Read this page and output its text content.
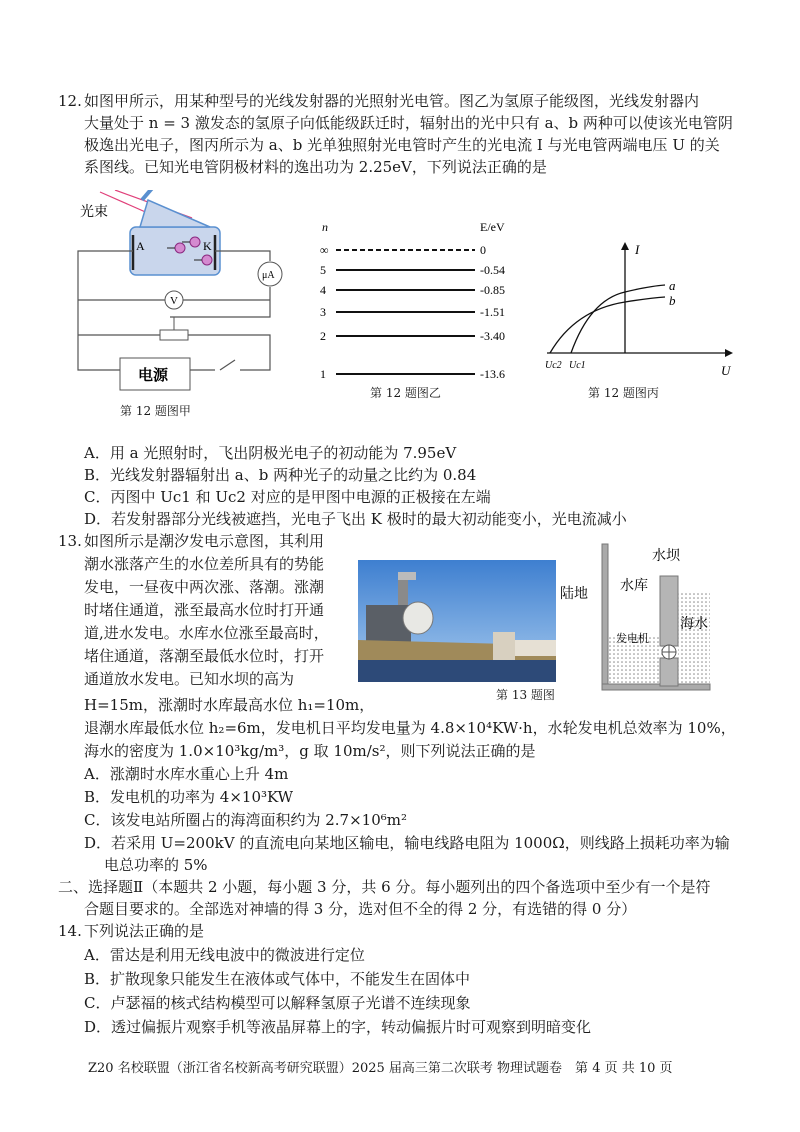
12. 如图甲所示，用某种型号的光线发射器的光照射光电管。图乙为氢原子能级图，光线发射器内
大量处于 n = 3 激发态的氢原子向低能级跃迁时，辐射出的光中只有 a、b 两种可以使该光电管阴
极逸出光电子，图丙所示为 a、b 光单独照射光电管时产生的光电流 I 与光电管两端电压 U 的关
系图线。已知光电管阴极材料的逸出功为 2.25eV，下列说法正确的是
光束
A	K
μA
V
电源
第 12 题图甲
n	E/eV
∞	0
5	-0.54
4	-0.85
3	-1.51
2	-3.40
1	-13.6
第 12 题图乙
I
U
a
b
Uc2 Uc1
第 12 题图丙
A．用 a 光照射时，飞出阴极光电子的初动能为 7.95eV
B．光线发射器辐射出 a、b 两种光子的动量之比约为 0.84
C．丙图中 Uc1 和 Uc2 对应的是甲图中电源的正极接在左端
D．若发射器部分光线被遮挡，光电子飞出 K 极时的最大初动能变小，光电流减小
13. 如图所示是潮汐发电示意图，其利用
潮水涨落产生的水位差所具有的势能
发电，一昼夜中两次涨、落潮。涨潮
时堵住通道，涨至最高水位时打开通
道,进水发电。水库水位涨至最高时，
堵住通道，落潮至最低水位时，打开
通道放水发电。已知水坝的高为
H=15m，涨潮时水库最高水位 h₁=10m，
退潮水库最低水位 h₂=6m，发电机日平均发电量为 4.8×10⁴KW·h，水轮发电机总效率为 10%，
海水的密度为 1.0×10³kg/m³，g 取 10m/s²，则下列说法正确的是
第 13 题图
陆地
水坝
水库
海水
发电机
A．涨潮时水库水重心上升 4m
B．发电机的功率为 4×10³KW
C．该发电站所圈占的海湾面积约为 2.7×10⁶m²
D．若采用 U=200kV 的直流电向某地区输电，输电线路电阻为 1000Ω，则线路上损耗功率为输
电总功率的 5%
二、选择题Ⅱ（本题共 2 小题，每小题 3 分，共 6 分。每小题列出的四个备选项中至少有一个是符
合题目要求的。全部选对神墙的得 3 分，选对但不全的得 2 分，有选错的得 0 分）
14. 下列说法正确的是
A．雷达是利用无线电波中的微波进行定位
B．扩散现象只能发生在液体或气体中，不能发生在固体中
C．卢瑟福的核式结构模型可以解释氢原子光谱不连续现象
D．透过偏振片观察手机等液晶屏幕上的字，转动偏振片时可观察到明暗变化
Z20 名校联盟（浙江省名校新高考研究联盟）2025 届高三第二次联考 物理试题卷　第 4 页 共 10 页
